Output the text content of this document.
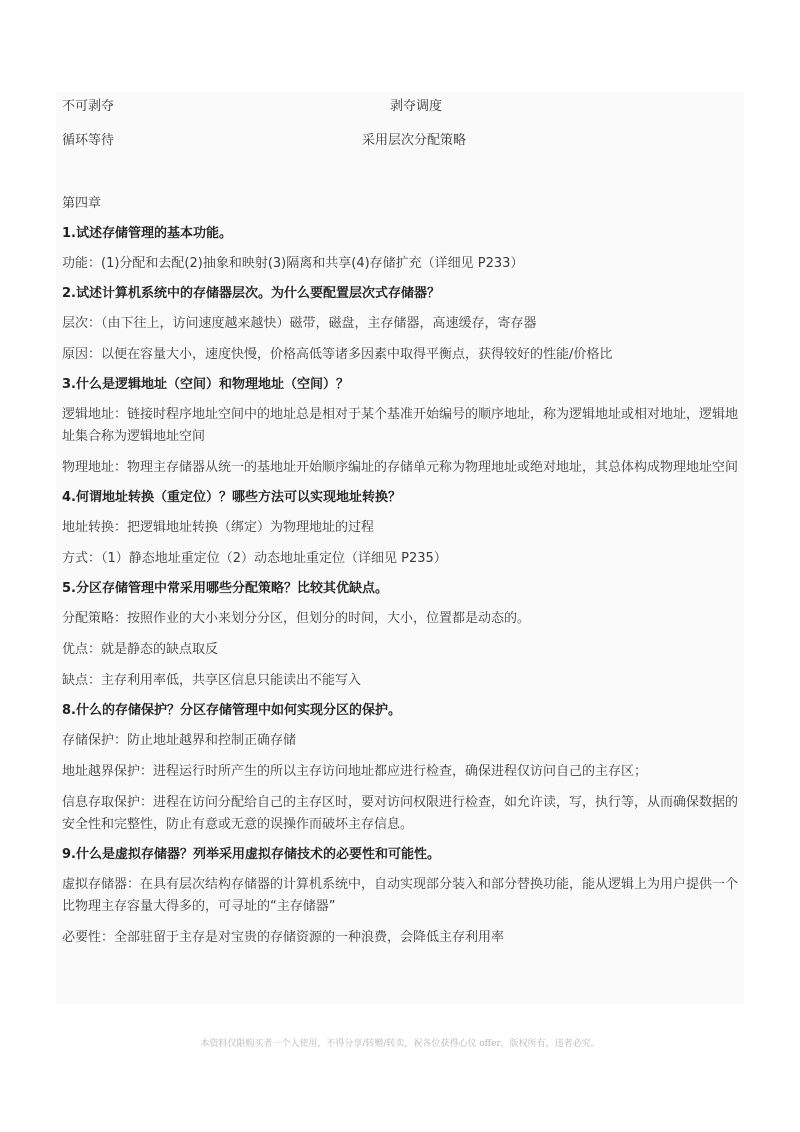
不可剥夺	剥夺调度
循环等待	采用层次分配策略
第四章
1.试述存储管理的基本功能。
功能：(1)分配和去配(2)抽象和映射(3)隔离和共享(4)存储扩充（详细见 P233）
2.试述计算机系统中的存储器层次。为什么要配置层次式存储器？
层次：（由下往上，访问速度越来越快）磁带，磁盘，主存储器，高速缓存，寄存器
原因：以便在容量大小，速度快慢，价格高低等诸多因素中取得平衡点，获得较好的性能/价格比
3.什么是逻辑地址（空间）和物理地址（空间）？
逻辑地址：链接时程序地址空间中的地址总是相对于某个基准开始编号的顺序地址，称为逻辑地址或相对地址，逻辑地址集合称为逻辑地址空间
物理地址：物理主存储器从统一的基地址开始顺序编址的存储单元称为物理地址或绝对地址，其总体构成物理地址空间
4.何谓地址转换（重定位）？哪些方法可以实现地址转换？
地址转换：把逻辑地址转换（绑定）为物理地址的过程
方式：（1）静态地址重定位（2）动态地址重定位（详细见 P235）
5.分区存储管理中常采用哪些分配策略？比较其优缺点。
分配策略：按照作业的大小来划分分区，但划分的时间，大小，位置都是动态的。
优点：就是静态的缺点取反
缺点：主存利用率低，共享区信息只能读出不能写入
8.什么的存储保护？分区存储管理中如何实现分区的保护。
存储保护：防止地址越界和控制正确存储
地址越界保护：进程运行时所产生的所以主存访问地址都应进行检查，确保进程仅访问自己的主存区；
信息存取保护：进程在访问分配给自己的主存区时，要对访问权限进行检查，如允许读，写，执行等，从而确保数据的安全性和完整性，防止有意或无意的误操作而破坏主存信息。
9.什么是虚拟存储器？列举采用虚拟存储技术的必要性和可能性。
虚拟存储器：在具有层次结构存储器的计算机系统中，自动实现部分装入和部分替换功能，能从逻辑上为用户提供一个比物理主存容量大得多的，可寻址的“主存储器”
必要性：全部驻留于主存是对宝贵的存储资源的一种浪费，会降低主存利用率
本资料仅限购买者一个人使用，不得分享/转赠/转卖，祝各位获得心仪 offer，版权所有，违者必究。
